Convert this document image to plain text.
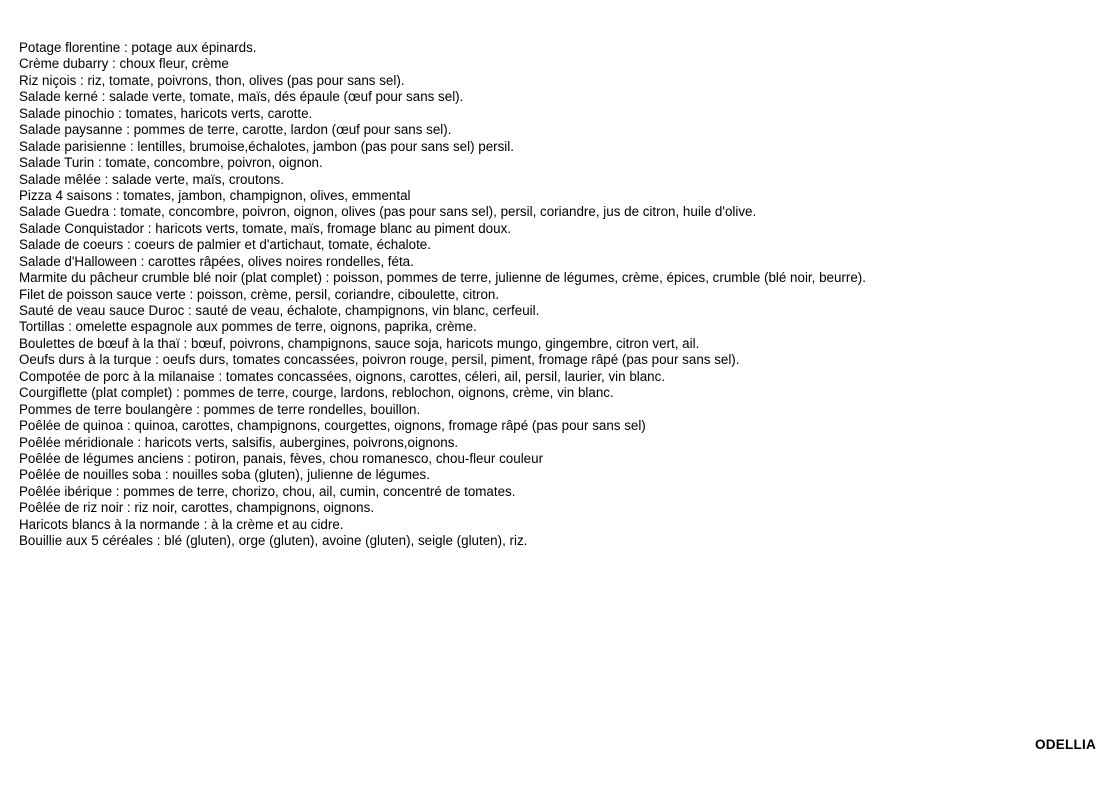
Potage florentine : potage aux épinards.
Crème dubarry : choux fleur, crème
Riz niçois : riz, tomate, poivrons, thon, olives (pas pour sans sel).
Salade kerné : salade verte, tomate, maïs, dés épaule (œuf pour sans sel).
Salade pinochio : tomates, haricots verts, carotte.
Salade paysanne : pommes de terre, carotte, lardon (œuf pour sans sel).
Salade parisienne : lentilles, brumoise,échalotes, jambon (pas pour sans sel) persil.
Salade Turin : tomate, concombre, poivron, oignon.
Salade mêlée : salade verte, maïs, croutons.
Pizza 4 saisons : tomates, jambon, champignon, olives, emmental
Salade Guedra : tomate, concombre, poivron, oignon, olives (pas pour sans sel), persil, coriandre, jus de citron, huile d'olive.
Salade Conquistador : haricots verts, tomate, maïs, fromage blanc au piment doux.
Salade de coeurs : coeurs de palmier et d'artichaut, tomate, échalote.
Salade d'Halloween : carottes râpées, olives noires rondelles, féta.
Marmite du pâcheur crumble blé noir (plat complet) : poisson, pommes de terre, julienne de légumes, crème, épices, crumble (blé noir, beurre).
Filet de poisson sauce verte : poisson, crème, persil, coriandre, ciboulette, citron.
Sauté de veau sauce Duroc : sauté de veau, échalote, champignons, vin blanc, cerfeuil.
Tortillas : omelette espagnole aux pommes de terre, oignons, paprika, crème.
Boulettes de bœuf à la thaï : bœuf, poivrons, champignons, sauce soja, haricots mungo, gingembre, citron vert, ail.
Oeufs durs à la turque : oeufs durs, tomates concassées, poivron rouge, persil, piment, fromage râpé (pas pour sans sel).
Compotée de porc à la milanaise : tomates concassées, oignons, carottes, céleri, ail, persil, laurier, vin blanc.
Courgiflette (plat complet) : pommes de terre, courge, lardons, reblochon, oignons, crème, vin blanc.
Pommes de terre boulangère : pommes de terre rondelles, bouillon.
Poêlée de quinoa : quinoa, carottes, champignons, courgettes, oignons, fromage râpé (pas pour sans sel)
Poêlée méridionale : haricots verts, salsifis, aubergines, poivrons,oignons.
Poêlée de légumes anciens : potiron, panais, fèves, chou romanesco, chou-fleur couleur
Poêlée de nouilles soba : nouilles soba (gluten), julienne de légumes.
Poêlée ibérique : pommes de terre, chorizo, chou, ail, cumin, concentré de tomates.
Poêlée de riz noir : riz noir, carottes, champignons, oignons.
Haricots blancs à la normande : à la crème et au cidre.
Bouillie aux 5 céréales : blé (gluten), orge (gluten), avoine (gluten), seigle (gluten), riz.
ODELLIA
